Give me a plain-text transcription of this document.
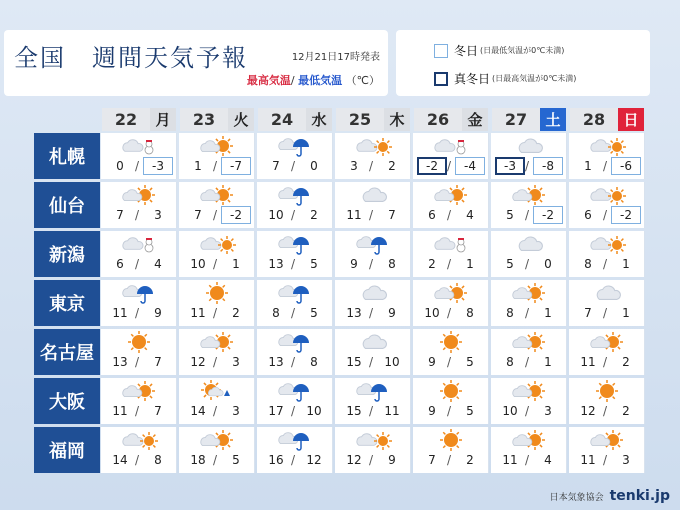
全国　週間天気予報	12月21日17時発表
最高気温/ 最低気温 （℃）
冬日 (日最低気温が0℃未満)
真冬日 (日最高気温が0℃未満)
22	月	23	火	24	水	25	木	26	金	27	土	28	日
札幌	0 /	-3	1 /	-7	7 /	0	3 /	2	-2 /	-4	-3 /	-8	1 /	-6
仙台	7 /	3	7 /	-2	10 /	2	11 /	7	6 /	4	5 /	-2	6 /	-2
新潟	6 /	4	10 /	1	13 /	5	9 /	8	2 /	1	5 /	0	8 /	1
東京	11 /	9	11 /	2	8 /	5	13 /	9	10 /	8	8 /	1	7 /	1
名古屋	13 /	7	12 /	3	13 /	8	15 / 10	9 /	5	8 /	1	11 /	2
大阪	11 /	7	14 /	3	17 / 10	15 / 11	9 /	5	10 /	3	12 /	2
福岡	14 /	8	18 /	5	16 / 12	12 /	9	7 /	2	11 /	4	11 /	3
日本気象協会 tenki.jp
